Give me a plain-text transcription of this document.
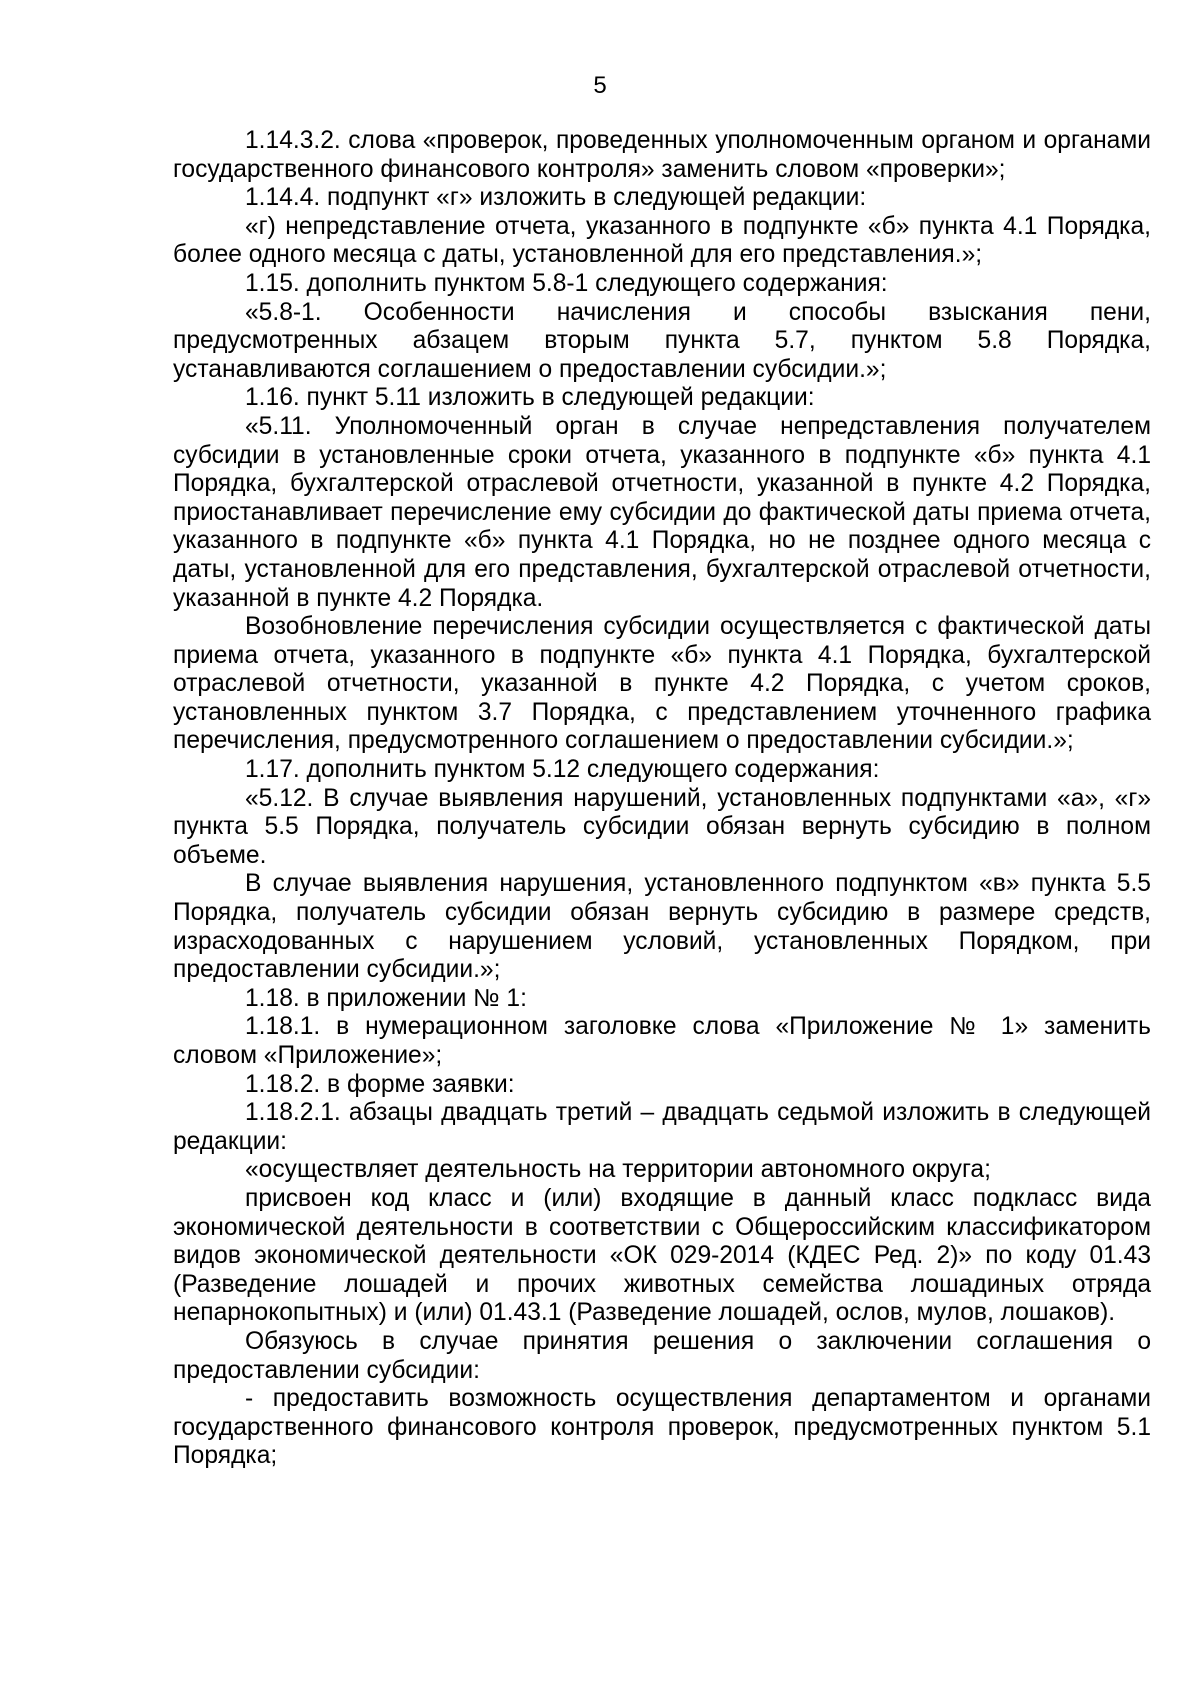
5

1.14.3.2. слова «проверок, проведенных уполномоченным органом и органами государственного финансового контроля» заменить словом «проверки»;

1.14.4. подпункт «г» изложить в следующей редакции:

«г) непредставление отчета, указанного в подпункте «б» пункта 4.1 Порядка, более одного месяца с даты, установленной для его представления.»;

1.15. дополнить пунктом 5.8-1 следующего содержания:

«5.8-1. Особенности начисления и способы взыскания пени, предусмотренных абзацем вторым пункта 5.7, пунктом 5.8 Порядка, устанавливаются соглашением о предоставлении субсидии.»;

1.16. пункт 5.11 изложить в следующей редакции:

«5.11. Уполномоченный орган в случае непредставления получателем субсидии в установленные сроки отчета, указанного в подпункте «б» пункта 4.1 Порядка, бухгалтерской отраслевой отчетности, указанной в пункте 4.2 Порядка, приостанавливает перечисление ему субсидии до фактической даты приема отчета, указанного в подпункте «б» пункта 4.1 Порядка, но не позднее одного месяца с даты, установленной для его представления, бухгалтерской отраслевой отчетности, указанной в пункте 4.2 Порядка.

Возобновление перечисления субсидии осуществляется с фактической даты приема отчета, указанного в подпункте «б» пункта 4.1 Порядка, бухгалтерской отраслевой отчетности, указанной в пункте 4.2 Порядка, с учетом сроков, установленных пунктом 3.7 Порядка, с представлением уточненного графика перечисления, предусмотренного соглашением о предоставлении субсидии.»;

1.17. дополнить пунктом 5.12 следующего содержания:

«5.12. В случае выявления нарушений, установленных подпунктами «а», «г» пункта 5.5 Порядка, получатель субсидии обязан вернуть субсидию в полном объеме.

В случае выявления нарушения, установленного подпунктом «в» пункта 5.5 Порядка, получатель субсидии обязан вернуть субсидию в размере средств, израсходованных с нарушением условий, установленных Порядком, при предоставлении субсидии.»;

1.18. в приложении № 1:

1.18.1. в нумерационном заголовке слова «Приложение № 1» заменить словом «Приложение»;

1.18.2. в форме заявки:

1.18.2.1. абзацы двадцать третий – двадцать седьмой изложить в следующей редакции:

«осуществляет деятельность на территории автономного округа;

присвоен код класс и (или) входящие в данный класс подкласс вида экономической деятельности в соответствии с Общероссийским классификатором видов экономической деятельности «ОК 029-2014 (КДЕС Ред. 2)» по коду 01.43 (Разведение лошадей и прочих животных семейства лошадиных отряда непарнокопытных) и (или) 01.43.1 (Разведение лошадей, ослов, мулов, лошаков).

Обязуюсь в случае принятия решения о заключении соглашения о предоставлении субсидии:

- предоставить возможность осуществления департаментом и органами государственного финансового контроля проверок, предусмотренных пунктом 5.1 Порядка;
